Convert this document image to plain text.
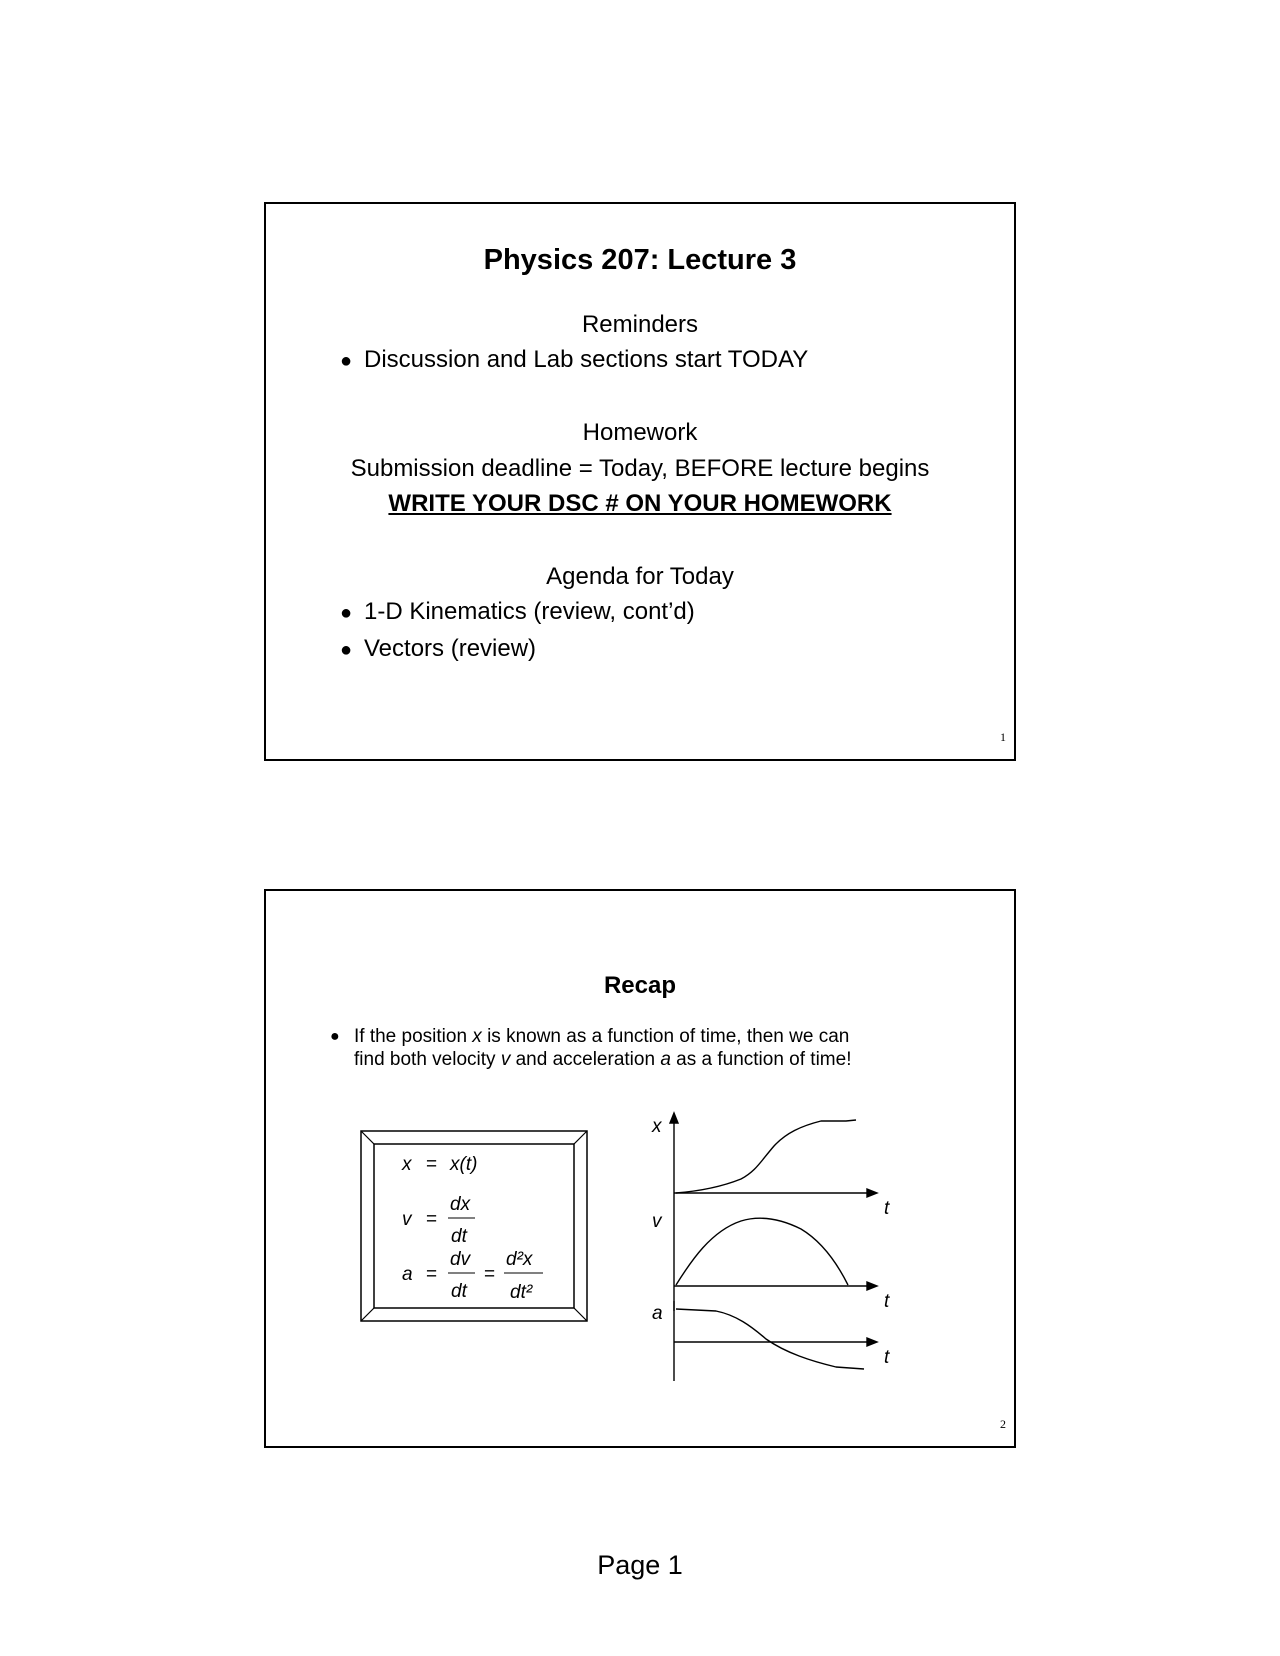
Physics 207: Lecture 3
Reminders
● Discussion and Lab sections start TODAY
Homework
Submission deadline = Today, BEFORE lecture begins
WRITE YOUR DSC # ON YOUR HOMEWORK
Agenda for Today
● 1-D Kinematics (review, cont’d)
● Vectors (review)
1
Recap
● If the position x is known as a function of time, then we can
find both velocity v and acceleration a as a function of time!
x = x(t)
v =
dx
dt
a =
dv
dt
=
d²x
dt²
x
v
a
t
t
t
2
Page 1
